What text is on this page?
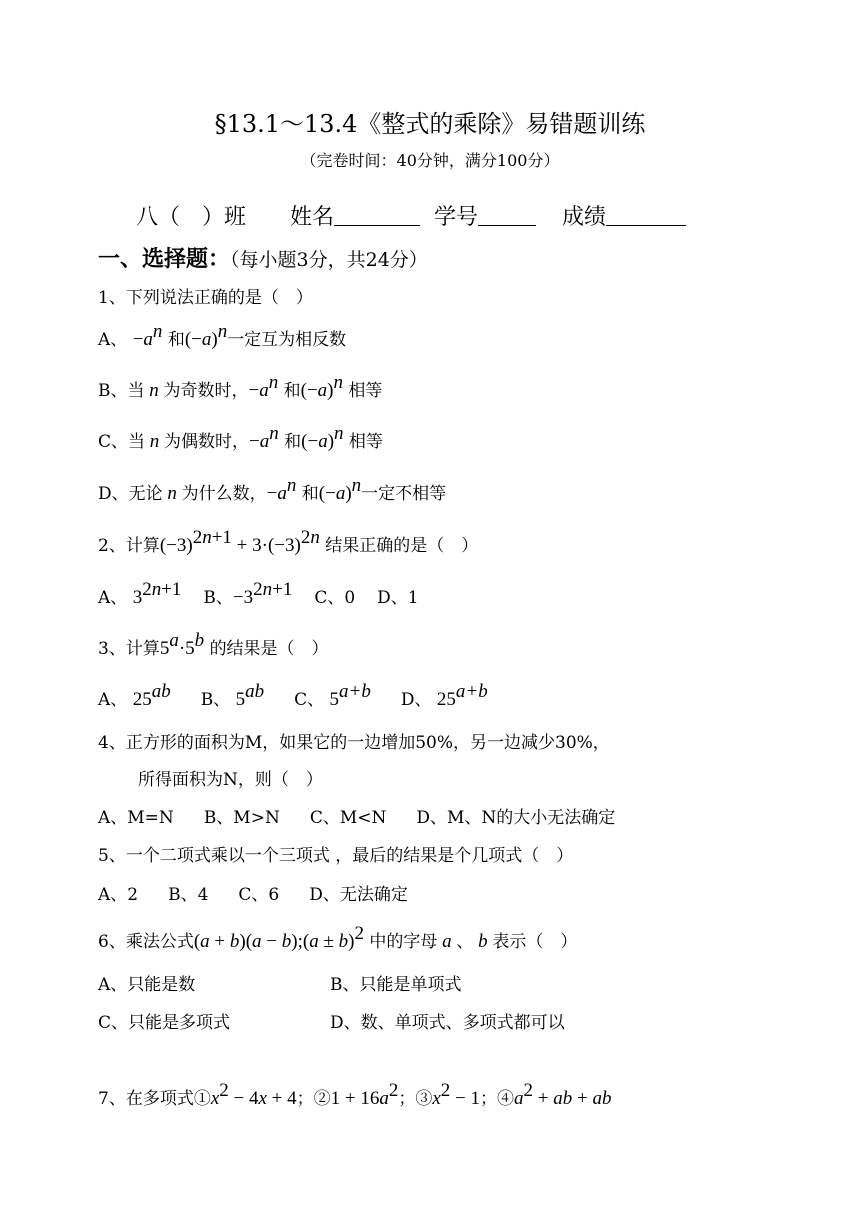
§13.1～13.4《整式的乘除》易错题训练
（完卷时间：40分钟，满分100分）
八（　）班 姓名	学号	成绩
一、选择题：（每小题3分，共24分）
1、下列说法正确的是（　）
A、 $-a^n$ 和$(-a)^n$一定互为相反数
B、当 n 为奇数时，$-a^n$ 和$(-a)^n$ 相等
C、当 n 为偶数时，$-a^n$ 和$(-a)^n$ 相等
D、无论 n 为什么数，$-a^n$ 和$(-a)^n$一定不相等
2、计算$(-3)^{2n+1} + 3\cdot(-3)^{2n}$ 结果正确的是（　）
A、 $3^{2n+1}$ B、$-3^{2n+1}$ C、0 D、1
3、计算$5^a\cdot 5^b$ 的结果是（　）
A、 $25^{ab}$ B、 $5^{ab}$ C、 $5^{a+b}$ D、 $25^{a+b}$
4、正方形的面积为M，如果它的一边增加50%，另一边减少30%，
所得面积为N，则（　）
A、M=N B、M>N C、M<N D、M、N的大小无法确定
5、一个二项式乘以一个三项式 ，最后的结果是个几项式（　）
A、2 B、4 C、6 D、无法确定
6、乘法公式(a + b)(a − b);(a ± b)$^2$ 中的字母 a 、 b 表示（　）
A、只能是数	B、只能是单项式
C、只能是多项式	D、数、单项式、多项式都可以
7、在多项式$①x^2 - 4x + 4$；②1 + $16a^2$；$③x^2 - 1$；$④a^2$ + ab + ab
